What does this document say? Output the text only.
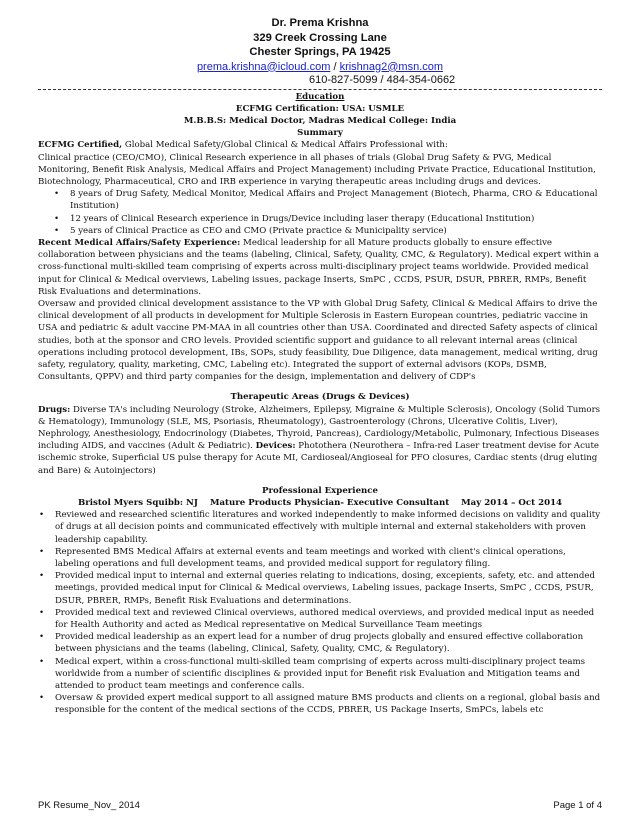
Dr. Prema Krishna
329 Creek Crossing Lane
Chester Springs, PA 19425
prema.krishna@icloud.com / krishnag2@msn.com
610-827-5099 / 484-354-0662
Education
ECFMG Certification: USA: USMLE
M.B.B.S: Medical Doctor, Madras Medical College: India
Summary

ECFMG Certified, Global Medical Safety/Global Clinical & Medical Affairs Professional with:

Clinical practice (CEO/CMO), Clinical Research experience in all phases of trials (Global Drug Safety & PVG, Medical Monitoring, Benefit Risk Analysis, Medical Affairs and Project Management) including Private Practice, Educational Institution, Biotechnology, Pharmaceutical, CRO and IRB experience in varying therapeutic areas including drugs and devices.

• 8 years of Drug Safety, Medical Monitor, Medical Affairs and Project Management (Biotech, Pharma, CRO & Educational Institution)
• 12 years of Clinical Research experience in Drugs/Device including laser therapy (Educational Institution)
• 5 years of Clinical Practice as CEO and CMO (Private practice & Municipality service)

Recent Medical Affairs/Safety Experience: Medical leadership for all Mature products globally to ensure effective collaboration between physicians and the teams (labeling, Clinical, Safety, Quality, CMC, & Regulatory). Medical expert within a cross-functional multi-skilled team comprising of experts across multi-disciplinary project teams worldwide. Provided medical input for Clinical & Medical overviews, Labeling issues, package Inserts, SmPC , CCDS, PSUR, DSUR, PBRER, RMPs, Benefit Risk Evaluations and determinations.

Oversaw and provided clinical development assistance to the VP with Global Drug Safety, Clinical & Medical Affairs to drive the clinical development of all products in development for Multiple Sclerosis in Eastern European countries, pediatric vaccine in USA and pediatric & adult vaccine PM-MAA in all countries other than USA. Coordinated and directed Safety aspects of clinical studies, both at the sponsor and CRO levels. Provided scientific support and guidance to all relevant internal areas (clinical operations including protocol development, IBs, SOPs, study feasibility, Due Diligence, data management, medical writing, drug safety, regulatory, quality, marketing, CMC, Labeling etc). Integrated the support of external advisors (KOPs, DSMB, Consultants, QPPV) and third party companies for the design, implementation and delivery of CDP's

Therapeutic Areas (Drugs & Devices)

Drugs: Diverse TA's including Neurology (Stroke, Alzheimers, Epilepsy, Migraine & Multiple Sclerosis), Oncology (Solid Tumors & Hematology), Immunology (SLE, MS, Psoriasis, Rheumatology), Gastroenterology (Chrons, Ulcerative Colitis, Liver), Nephrology, Anesthesiology, Endocrinology (Diabetes, Thyroid, Pancreas), Cardiology/Metabolic, Pulmonary, Infectious Diseases including AIDS, and vaccines (Adult & Pediatric). Devices: Photothera (Neurothera – Infra-red Laser treatment devise for Acute ischemic stroke, Superficial US pulse therapy for Acute MI, Cardioseal/Angioseal for PFO closures, Cardiac stents (drug eluting and Bare) & Autoinjectors)

Professional Experience
Bristol Myers Squibb: NJ Mature Products Physician- Executive Consultant May 2014 – Oct 2014
• Reviewed and researched scientific literatures and worked independently to make informed decisions on validity and quality of drugs at all decision points and communicated effectively with multiple internal and external stakeholders with proven leadership capability.
• Represented BMS Medical Affairs at external events and team meetings and worked with client's clinical operations, labeling operations and full development teams, and provided medical support for regulatory filing.
• Provided medical input to internal and external queries relating to indications, dosing, excepients, safety, etc. and attended meetings, provided medical input for Clinical & Medical overviews, Labeling issues, package Inserts, SmPC , CCDS, PSUR, DSUR, PBRER, RMPs, Benefit Risk Evaluations and determinations.
• Provided medical text and reviewed Clinical overviews, authored medical overviews, and provided medical input as needed for Health Authority and acted as Medical representative on Medical Surveillance Team meetings
• Provided medical leadership as an expert lead for a number of drug projects globally and ensured effective collaboration between physicians and the teams (labeling, Clinical, Safety, Quality, CMC, & Regulatory).
• Medical expert, within a cross-functional multi-skilled team comprising of experts across multi-disciplinary project teams worldwide from a number of scientific disciplines & provided input for Benefit risk Evaluation and Mitigation teams and attended to product team meetings and conference calls.
• Oversaw & provided expert medical support to all assigned mature BMS products and clients on a regional, global basis and responsible for the content of the medical sections of the CCDS, PBRER, US Package Inserts, SmPCs, labels etc
PK Resume_Nov_ 2014	Page 1 of 4
